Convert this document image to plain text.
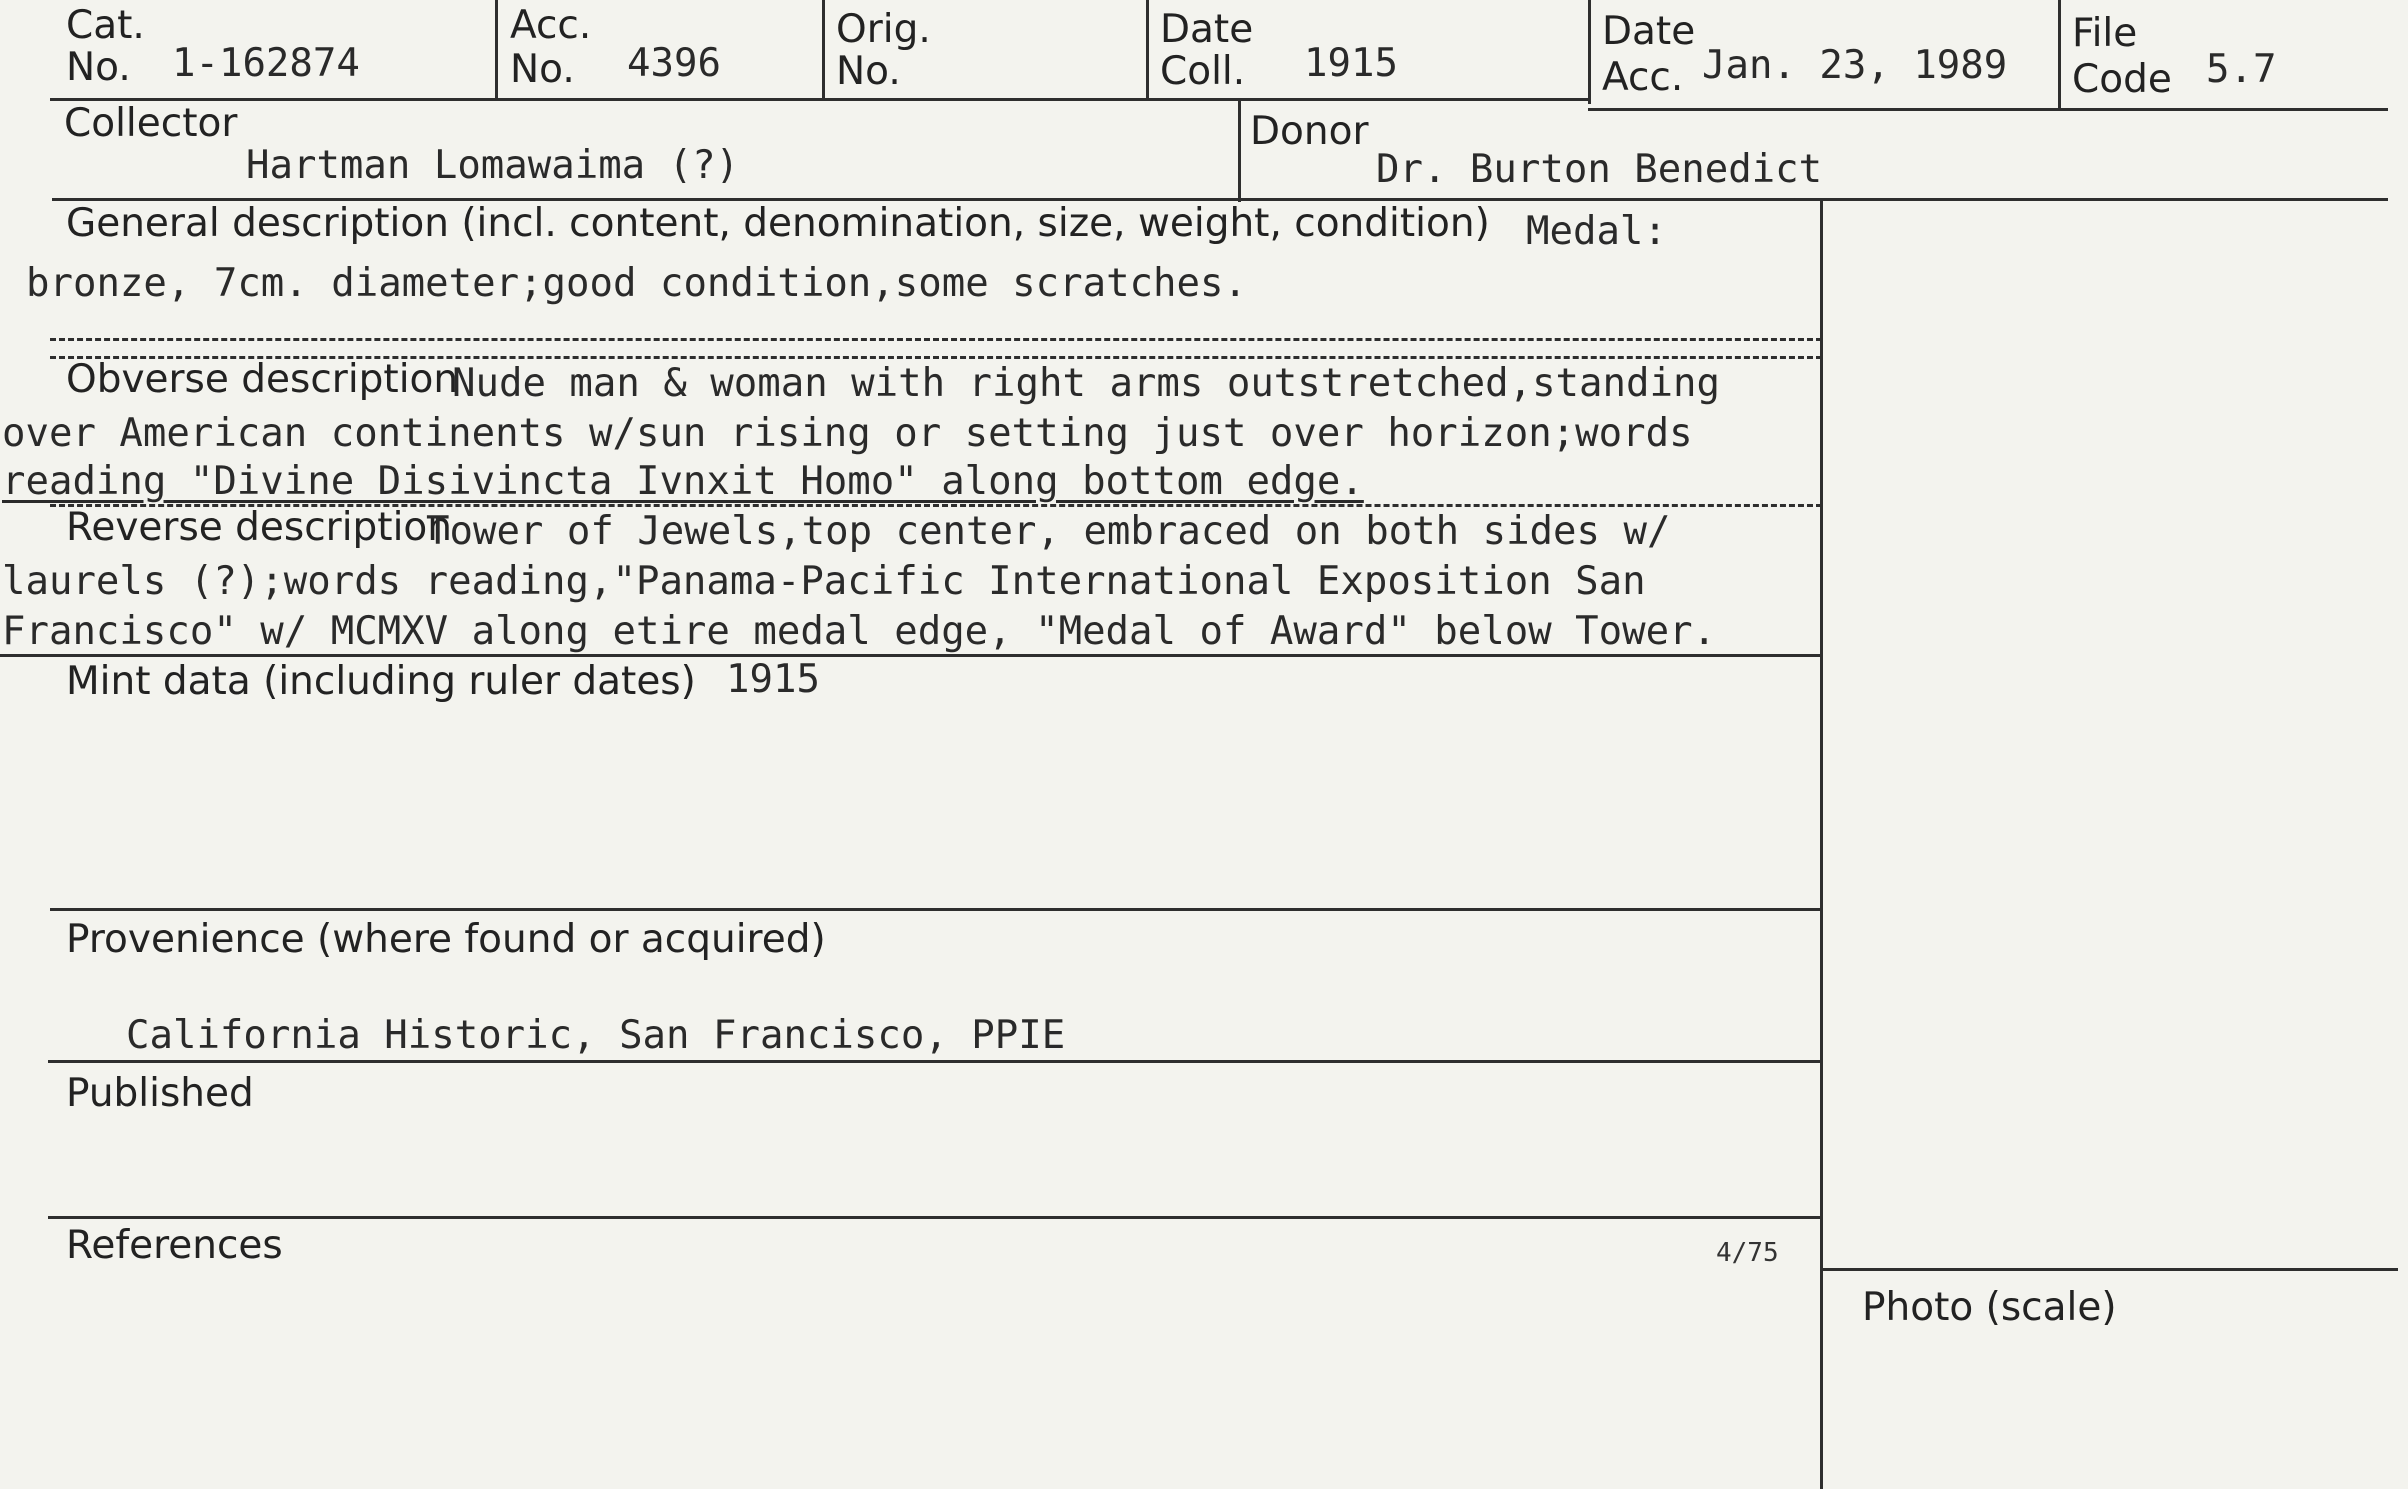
Cat.
No. 1-162874
Acc.
No. 4396
Orig.
No.
Date
Coll. 1915
Date
Acc. Jan. 23, 1989
File
Code 5.7
Collector
Hartman Lomawaima (?)
Donor
Dr. Burton Benedict
General description (incl. content, denomination, size, weight, condition) Medal:
bronze, 7cm. diameter;good condition,some scratches.
Obverse description
Nude man & woman with right arms outstretched,standing
over American continents w/sun rising or setting just over horizon;words
reading "Divine Disivincta Ivnxit Homo" along bottom edge.
Reverse description
Tower of Jewels,top center, embraced on both sides w/
laurels (?);words reading,"Panama-Pacific International Exposition San
Francisco" w/ MCMXV along etire medal edge, "Medal of Award" below Tower.
Mint data (including ruler dates) 1915
Provenience (where found or acquired)
California Historic, San Francisco, PPIE
Published
References	4/75
Photo (scale)
